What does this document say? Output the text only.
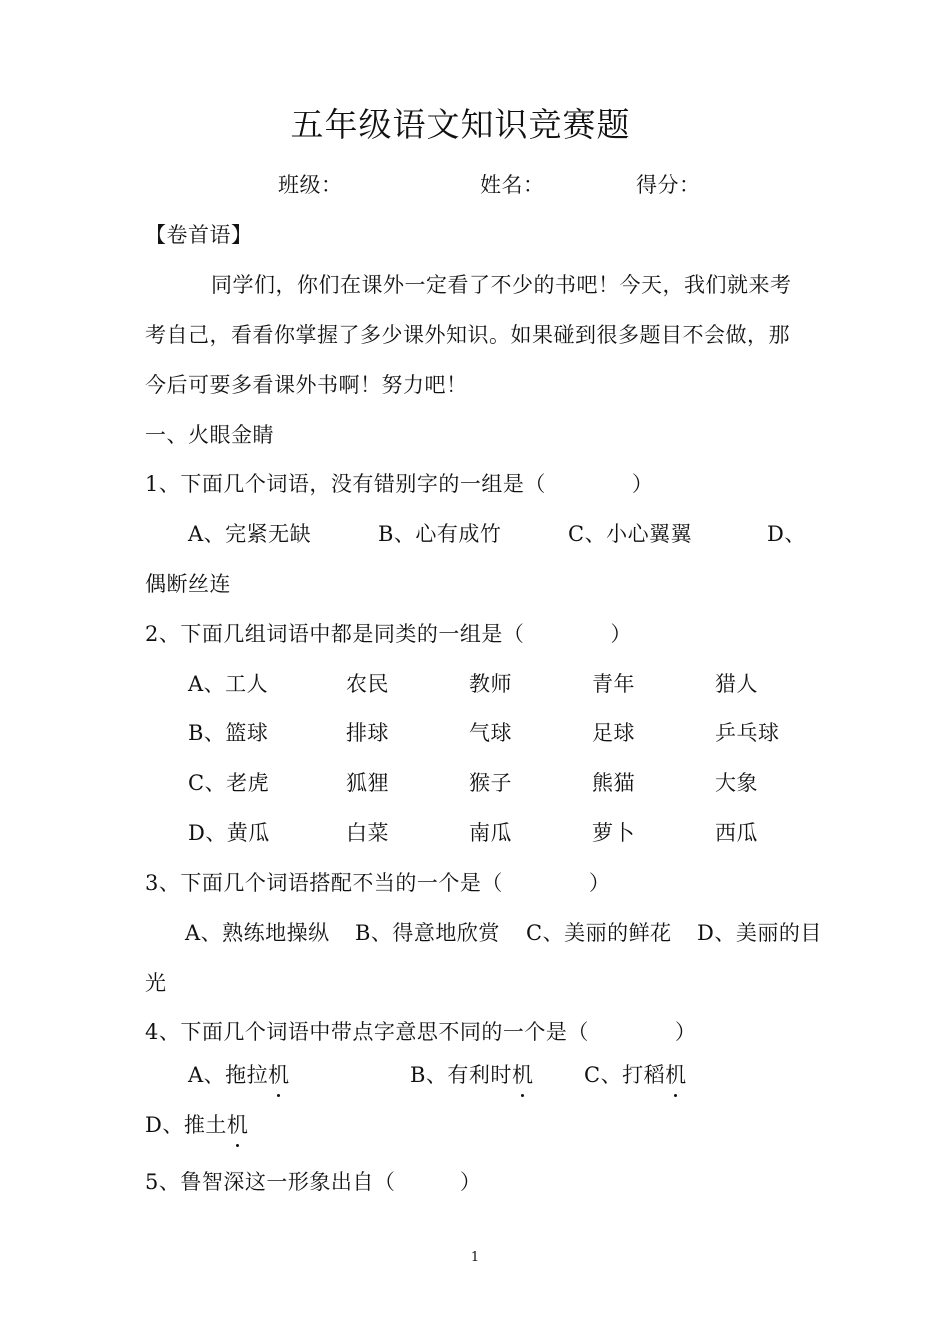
五年级语文知识竞赛题
班级：	姓名：	得分：
【卷首语】
同学们，你们在课外一定看了不少的书吧！今天，我们就来考
考自己，看看你掌握了多少课外知识。如果碰到很多题目不会做，那
今后可要多看课外书啊！努力吧！
一、火眼金睛
1、下面几个词语，没有错别字的一组是（　　　　）
A、完紧无缺	B、心有成竹	C、小心翼翼	D、
偶断丝连
2、下面几组词语中都是同类的一组是（　　　　）
A、工人	农民	教师	青年	猎人
B、篮球	排球	气球	足球	乒乓球
C、老虎	狐狸	猴子	熊猫	大象
D、黄瓜	白菜	南瓜	萝卜	西瓜
3、下面几个词语搭配不当的一个是（　　　　）
A、熟练地操纵 B、得意地欣赏 C、美丽的鲜花 D、美丽的目
光
4、下面几个词语中带点字意思不同的一个是（　　　　）
A、拖拉机	B、有利时机 C、打稻机
D、推土机
5、鲁智深这一形象出自（　　　）
1
